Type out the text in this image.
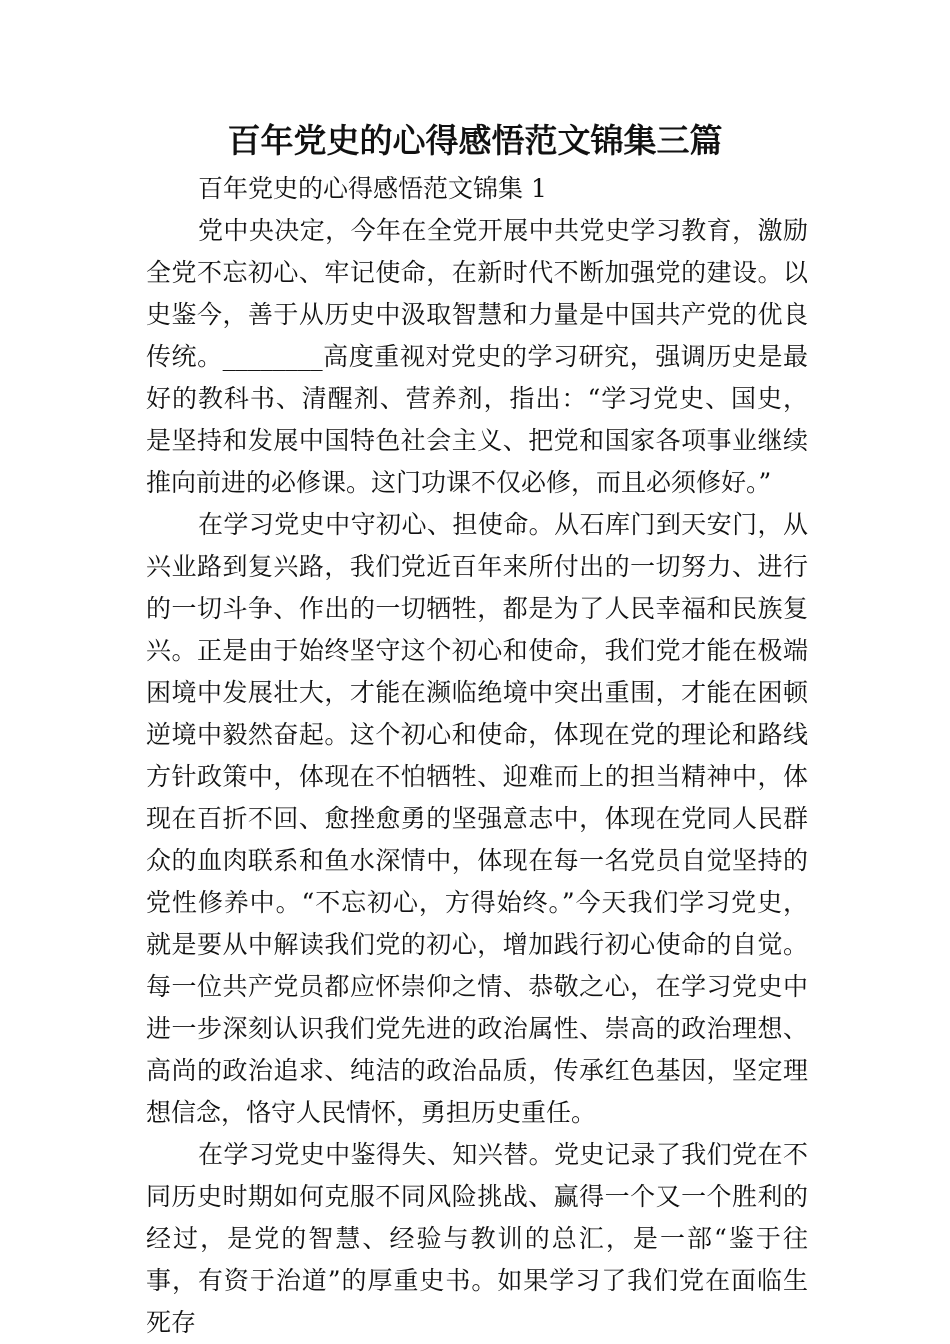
百年党史的心得感悟范文锦集三篇

百年党史的心得感悟范文锦集 1

党中央决定，今年在全党开展中共党史学习教育，激励全党不忘初心、牢记使命，在新时代不断加强党的建设。以史鉴今，善于从历史中汲取智慧和力量是中国共产党的优良传统。________高度重视对党史的学习研究，强调历史是最好的教科书、清醒剂、营养剂，指出：“学习党史、国史，是坚持和发展中国特色社会主义、把党和国家各项事业继续推向前进的必修课。这门功课不仅必修，而且必须修好。”

在学习党史中守初心、担使命。从石库门到天安门，从兴业路到复兴路，我们党近百年来所付出的一切努力、进行的一切斗争、作出的一切牺牲，都是为了人民幸福和民族复兴。正是由于始终坚守这个初心和使命，我们党才能在极端困境中发展壮大，才能在濒临绝境中突出重围，才能在困顿逆境中毅然奋起。这个初心和使命，体现在党的理论和路线方针政策中，体现在不怕牺牲、迎难而上的担当精神中，体现在百折不回、愈挫愈勇的坚强意志中，体现在党同人民群众的血肉联系和鱼水深情中，体现在每一名党员自觉坚持的党性修养中。“不忘初心，方得始终。”今天我们学习党史，就是要从中解读我们党的初心，增加践行初心使命的自觉。每一位共产党员都应怀崇仰之情、恭敬之心，在学习党史中进一步深刻认识我们党先进的政治属性、崇高的政治理想、高尚的政治追求、纯洁的政治品质，传承红色基因，坚定理想信念，恪守人民情怀，勇担历史重任。

在学习党史中鉴得失、知兴替。党史记录了我们党在不同历史时期如何克服不同风险挑战、赢得一个又一个胜利的经过，是党的智慧、经验与教训的总汇，是一部“鉴于往事，有资于治道”的厚重史书。如果学习了我们党在面临生死存
